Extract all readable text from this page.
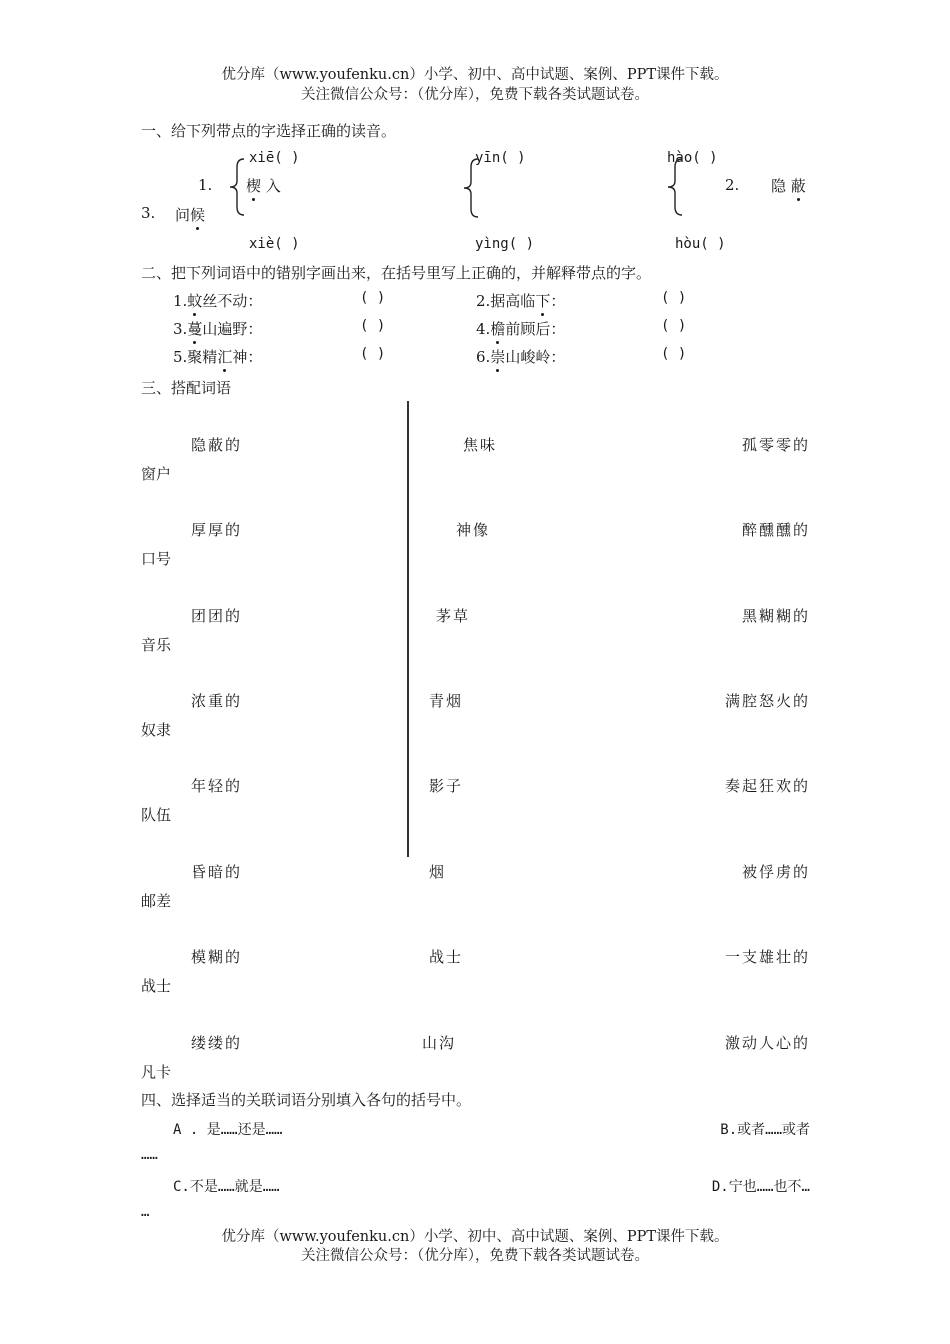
优分库（www.youfenku.cn）小学、初中、高中试题、案例、PPT课件下载。
关注微信公众号：（优分库），免费下载各类试题试卷。
一、给下列带点的字选择正确的读音。
xiē( )	yīn( )	hào( )
1. 楔 入	2. 隐 蔽
3. 问候
xiè( )	yìng( )	hòu( )
二、把下列词语中的错别字画出来，在括号里写上正确的，并解释带点的字。
1.蚊丝不动：	( )	2.据高临下：	( )
3.蔓山遍野：	( )	4.檐前顾后：	( )
5.聚精汇神：	( )	6.崇山峻岭：	( )
三、搭配词语
隐蔽的	焦味	孤零零的
窗户
厚厚的	神像	醉醺醺的
口号
团团的	茅草	黑糊糊的
音乐
浓重的	青烟	满腔怒火的
奴隶
年轻的	影子	奏起狂欢的
队伍
昏暗的	烟	被俘虏的
邮差
模糊的	战士	一支雄壮的
战士
缕缕的	山沟	激动人心的
凡卡
四、选择适当的关联词语分别填入各句的括号中。
A . 是……还是……	B.或者……或者
……
C.不是……就是……	D.宁也……也不…
…
优分库（www.youfenku.cn）小学、初中、高中试题、案例、PPT课件下载。
关注微信公众号：（优分库），免费下载各类试题试卷。
